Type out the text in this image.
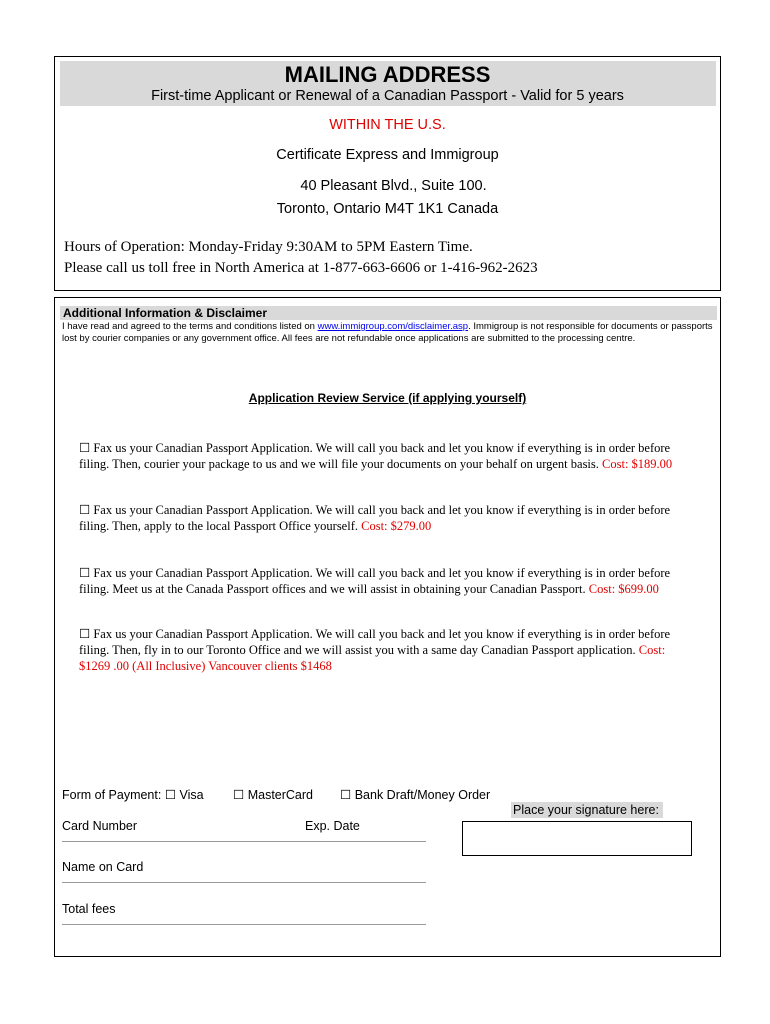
MAILING ADDRESS
First-time Applicant or Renewal of a Canadian Passport - Valid for 5 years
WITHIN THE U.S.
Certificate Express and Immigroup
40 Pleasant Blvd., Suite 100.
Toronto, Ontario M4T 1K1 Canada
Hours of Operation: Monday-Friday 9:30AM to 5PM Eastern Time.
Please call us toll free in North America at 1-877-663-6606 or 1-416-962-2623
Additional Information & Disclaimer
I have read and agreed to the terms and conditions listed on www.immigroup.com/disclaimer.asp. Immigroup is not responsible for documents or passports lost by courier companies or any government office. All fees are not refundable once applications are submitted to the processing centre.
Application Review Service (if applying yourself)
☐ Fax us your Canadian Passport Application. We will call you back and let you know if everything is in order before filing. Then, courier your package to us and we will file your documents on your behalf on urgent basis. Cost: $189.00
☐ Fax us your Canadian Passport Application. We will call you back and let you know if everything is in order before filing. Then, apply to the local Passport Office yourself. Cost: $279.00
☐ Fax us your Canadian Passport Application. We will call you back and let you know if everything is in order before filing. Meet us at the Canada Passport offices and we will assist in obtaining your Canadian Passport. Cost: $699.00
☐ Fax us your Canadian Passport Application. We will call you back and let you know if everything is in order before filing. Then, fly in to our Toronto Office and we will assist you with a same day Canadian Passport application. Cost: $1269 .00 (All Inclusive) Vancouver clients $1468
Form of Payment: ☐ Visa ☐ MasterCard ☐ Bank Draft/Money Order
Place your signature here:
Card Number	Exp. Date
Name on Card
Total fees
